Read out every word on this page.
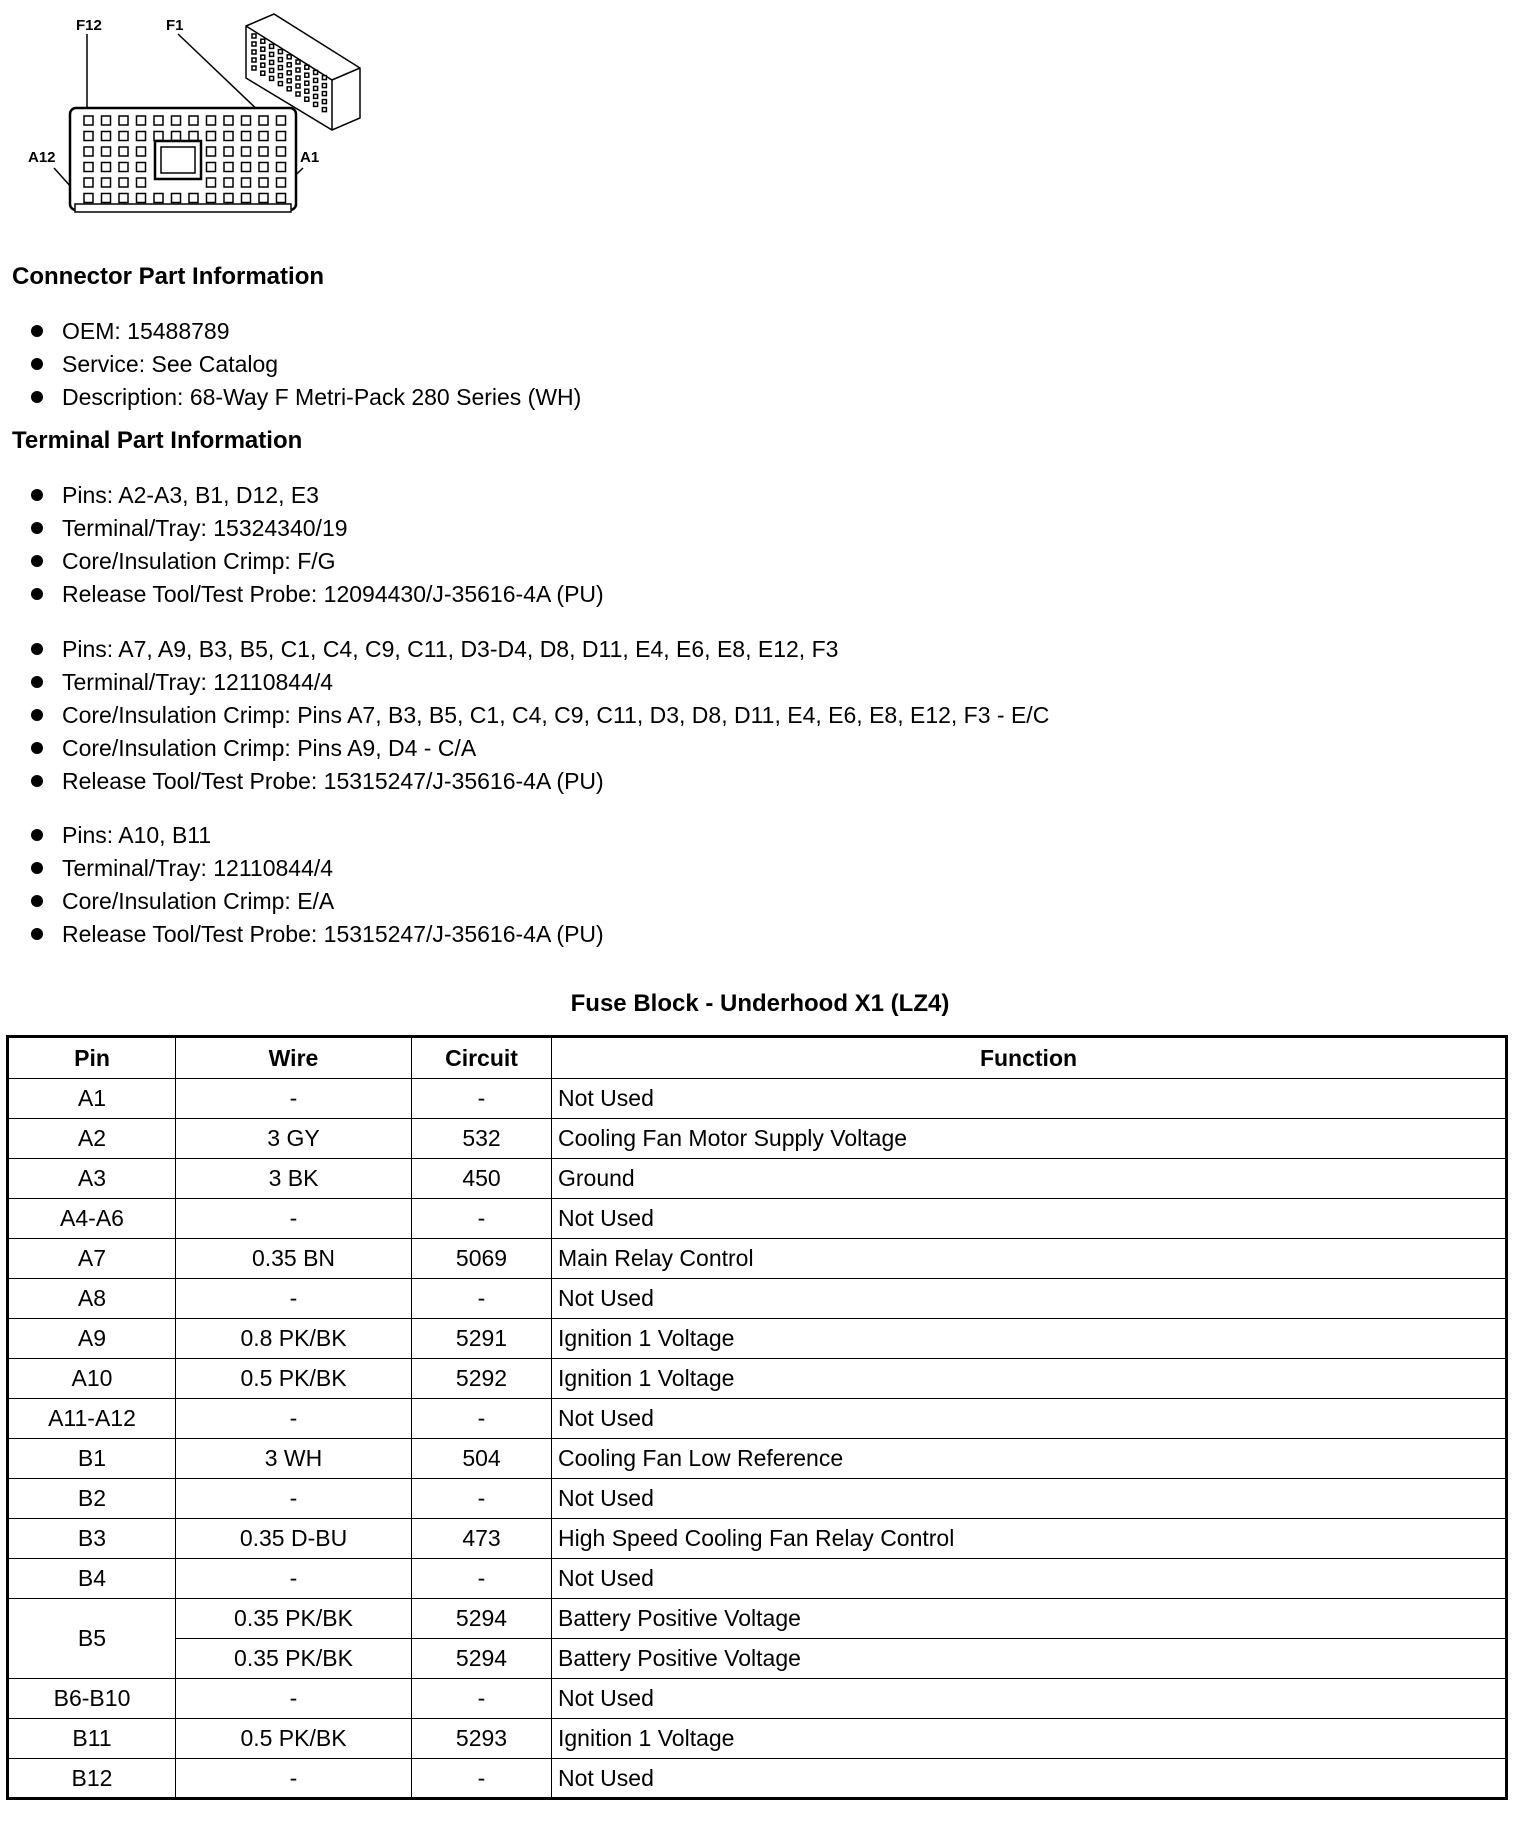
F12	F1
A12	A1
Connector Part Information
OEM: 15488789
Service: See Catalog
Description: 68-Way F Metri-Pack 280 Series (WH)
Terminal Part Information
Pins: A2-A3, B1, D12, E3
Terminal/Tray: 15324340/19
Core/Insulation Crimp: F/G
Release Tool/Test Probe: 12094430/J-35616-4A (PU)
Pins: A7, A9, B3, B5, C1, C4, C9, C11, D3-D4, D8, D11, E4, E6, E8, E12, F3
Terminal/Tray: 12110844/4
Core/Insulation Crimp: Pins A7, B3, B5, C1, C4, C9, C11, D3, D8, D11, E4, E6, E8, E12, F3 - E/C
Core/Insulation Crimp: Pins A9, D4 - C/A
Release Tool/Test Probe: 15315247/J-35616-4A (PU)
Pins: A10, B11
Terminal/Tray: 12110844/4
Core/Insulation Crimp: E/A
Release Tool/Test Probe: 15315247/J-35616-4A (PU)
Fuse Block - Underhood X1 (LZ4)
Pin	Wire	Circuit	Function
A1	-	-	Not Used
A2	3 GY	532	Cooling Fan Motor Supply Voltage
A3	3 BK	450	Ground
A4-A6	-	-	Not Used
A7	0.35 BN	5069	Main Relay Control
A8	-	-	Not Used
A9	0.8 PK/BK	5291	Ignition 1 Voltage
A10	0.5 PK/BK	5292	Ignition 1 Voltage
A11-A12	-	-	Not Used
B1	3 WH	504	Cooling Fan Low Reference
B2	-	-	Not Used
B3	0.35 D-BU	473	High Speed Cooling Fan Relay Control
B4	-	-	Not Used
B5	0.35 PK/BK	5294	Battery Positive Voltage
	0.35 PK/BK	5294	Battery Positive Voltage
B6-B10	-	-	Not Used
B11	0.5 PK/BK	5293	Ignition 1 Voltage
B12	-	-	Not Used
